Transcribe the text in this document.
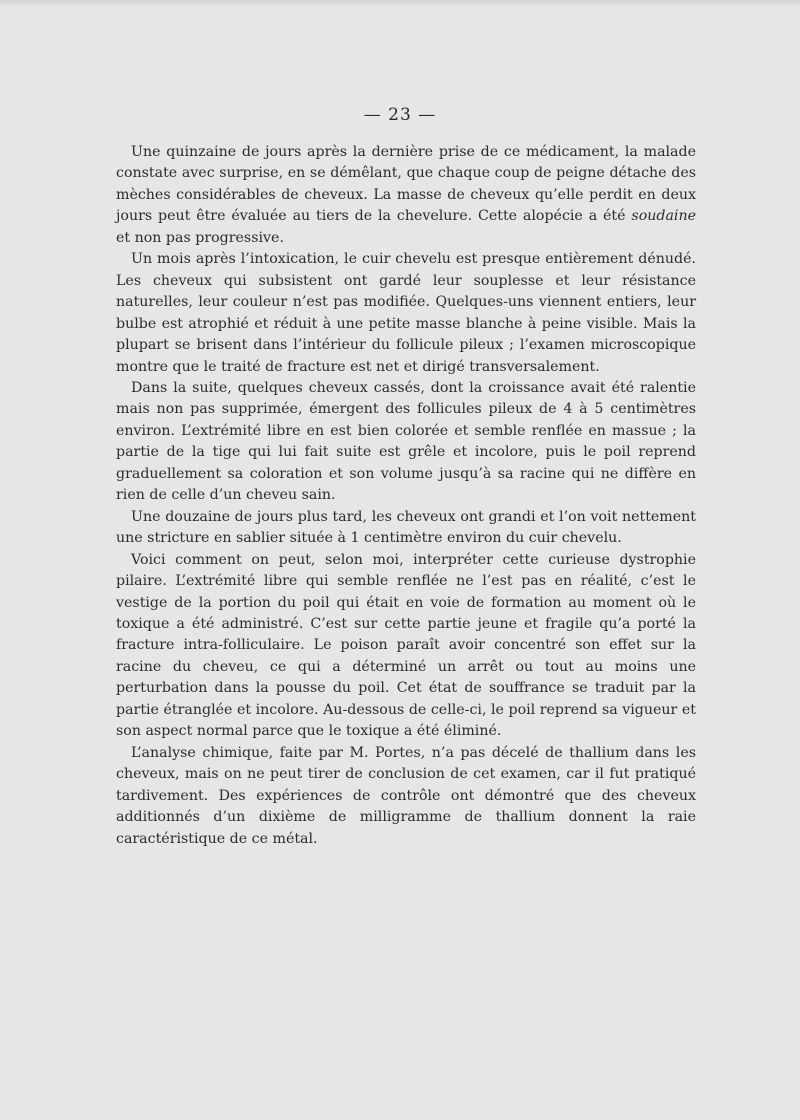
— 23 —

Une quinzaine de jours après la dernière prise de ce médicament, la malade constate avec surprise, en se démêlant, que chaque coup de peigne détache des mèches considérables de cheveux. La masse de cheveux qu’elle perdit en deux jours peut être évaluée au tiers de la chevelure. Cette alopécie a été soudaine et non pas progressive.

Un mois après l’intoxication, le cuir chevelu est presque entièrement dénudé. Les cheveux qui subsistent ont gardé leur souplesse et leur résistance naturelles, leur couleur n’est pas modifiée. Quelques-uns viennent entiers, leur bulbe est atrophié et réduit à une petite masse blanche à peine visible. Mais la plupart se brisent dans l’intérieur du follicule pileux ; l’examen microscopique montre que le traité de fracture est net et dirigé transversalement.

Dans la suite, quelques cheveux cassés, dont la croissance avait été ralentie mais non pas supprimée, émergent des follicules pileux de 4 à 5 centimètres environ. L’extrémité libre en est bien colorée et semble renflée en massue ; la partie de la tige qui lui fait suite est grêle et incolore, puis le poil reprend graduellement sa coloration et son volume jusqu’à sa racine qui ne diffère en rien de celle d’un cheveu sain.

Une douzaine de jours plus tard, les cheveux ont grandi et l’on voit nettement une stricture en sablier située à 1 centimètre environ du cuir chevelu.

Voici comment on peut, selon moi, interpréter cette curieuse dystrophie pilaire. L’extrémité libre qui semble renflée ne l’est pas en réalité, c’est le vestige de la portion du poil qui était en voie de formation au moment où le toxique a été administré. C’est sur cette partie jeune et fragile qu’a porté la fracture intra-folliculaire. Le poison paraît avoir concentré son effet sur la racine du cheveu, ce qui a déterminé un arrêt ou tout au moins une perturbation dans la pousse du poil. Cet état de souffrance se traduit par la partie étranglée et incolore. Au-dessous de celle-ci, le poil reprend sa vigueur et son aspect normal parce que le toxique a été éliminé.

L’analyse chimique, faite par M. Portes, n’a pas décelé de thallium dans les cheveux, mais on ne peut tirer de conclusion de cet examen, car il fut pratiqué tardivement. Des expériences de contrôle ont démontré que des cheveux additionnés d’un dixième de milligramme de thallium donnent la raie caractéristique de ce métal.
